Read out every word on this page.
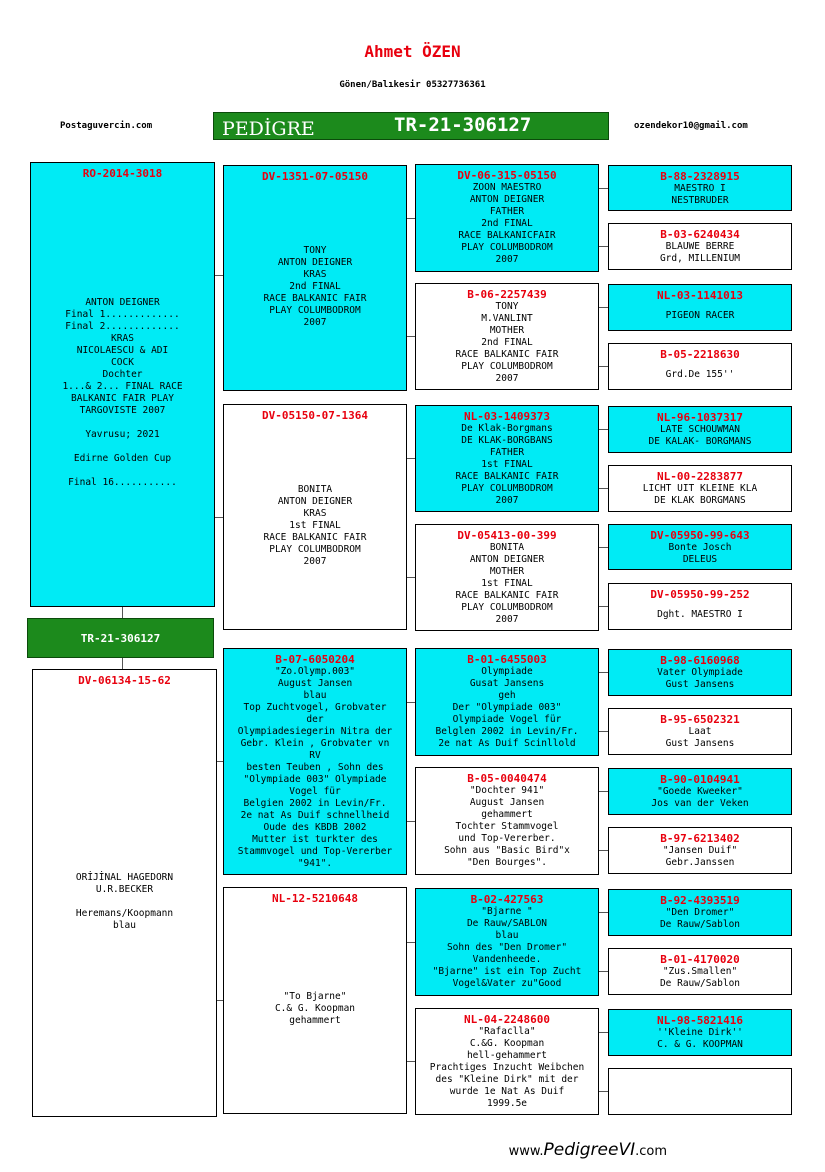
Ahmet ÖZEN
Gönen/Balıkesir 05327736361
Postaguvercin.com	ozendekor10@gmail.com
PEDİGRE	TR-21-306127
RO-2014-3018
ANTON DEIGNER
Final 1.............
Final 2.............
KRAS
NICOLAESCU & ADI
COCK
Dochter
1...& 2... FINAL RACE
BALKANIC FAIR PLAY
TARGOVISTE 2007

Yavrusu; 2021

Edirne Golden Cup

Final 16...........
TR-21-306127
DV-06134-15-62
ORİJİNAL HAGEDORN
U.R.BECKER

Heremans/Koopmann
blau
DV-1351-07-05150
TONY
ANTON DEIGNER
KRAS
2nd FINAL
RACE BALKANIC FAIR
PLAY COLUMBODROM
2007
DV-05150-07-1364
BONITA
ANTON DEIGNER
KRAS
1st FINAL
RACE BALKANIC FAIR
PLAY COLUMBODROM
2007
B-07-6050204
"Zo.Olymp.003"
August Jansen
blau
Top Zuchtvogel, Grobvater
der
Olympiadesiegerin Nitra der
Gebr. Klein , Grobvater vn
RV
besten Teuben , Sohn des
"Olympiade 003" Olympiade
Vogel für
Belgien 2002 in Levin/Fr.
2e nat As Duif schnellheid
Oude des KBDB 2002
Mutter ist turkter des
Stammvogel und Top-Vererber
"941".
NL-12-5210648
"To Bjarne"
C.& G. Koopman
gehammert
DV-06-315-05150
ZOON MAESTRO
ANTON DEIGNER
FATHER
2nd FINAL
RACE BALKANICFAIR
PLAY COLUMBODROM
2007
B-06-2257439
TONY
M.VANLINT
MOTHER
2nd FINAL
RACE BALKANIC FAIR
PLAY COLUMBODROM
2007
NL-03-1409373
De Klak-Borgmans
DE KLAK-BORGBANS
FATHER
1st FINAL
RACE BALKANIC FAIR
PLAY COLUMBODROM
2007
DV-05413-00-399
BONITA
ANTON DEIGNER
MOTHER
1st FINAL
RACE BALKANIC FAIR
PLAY COLUMBODROM
2007
B-01-6455003
Olympiade
Gusat Jansens
geh
Der "Olympiade 003"
Olympiade Vogel für
Belglen 2002 in Levin/Fr.
2e nat As Duif Scinllold
B-05-0040474
"Dochter 941"
August Jansen
gehammert
Tochter Stammvogel
und Top-Vererber.
Sohn aus "Basic Bird"x
"Den Bourges".
B-02-427563
"Bjarne "
De Rauw/SABLON
blau
Sohn des "Den Dromer"
Vandenheede.
"Bjarne" ist ein Top Zucht
Vogel&Vater zu"Good
NL-04-2248600
"Rafaclla"
C.&G. Koopman
hell-gehammert
Prachtiges Inzucht Weibchen
des "Kleine Dirk" mit der
wurde 1e Nat As Duif
1999.5e
B-88-2328915
MAESTRO I
NESTBRUDER
B-03-6240434
BLAUWE BERRE
Grd, MILLENIUM
NL-03-1141013
PIGEON RACER
B-05-2218630
Grd.De 155''
NL-96-1037317
LATE SCHOUWMAN
DE KALAK- BORGMANS
NL-00-2283877
LICHT UIT KLEINE KLA
DE KLAK BORGMANS
DV-05950-99-643
Bonte Josch
DELEUS
DV-05950-99-252
Dght. MAESTRO I
B-98-6160968
Vater Olympiade
Gust Jansens
B-95-6502321
Laat
Gust Jansens
B-90-0104941
"Goede Kweeker"
Jos van der Veken
B-97-6213402
"Jansen Duif"
Gebr.Janssen
B-92-4393519
"Den Dromer"
De Rauw/Sablon
B-01-4170020
"Zus.Smallen"
De Rauw/Sablon
NL-98-5821416
''Kleine Dirk''
C. & G. KOOPMAN
www.PedigreeVI.com
